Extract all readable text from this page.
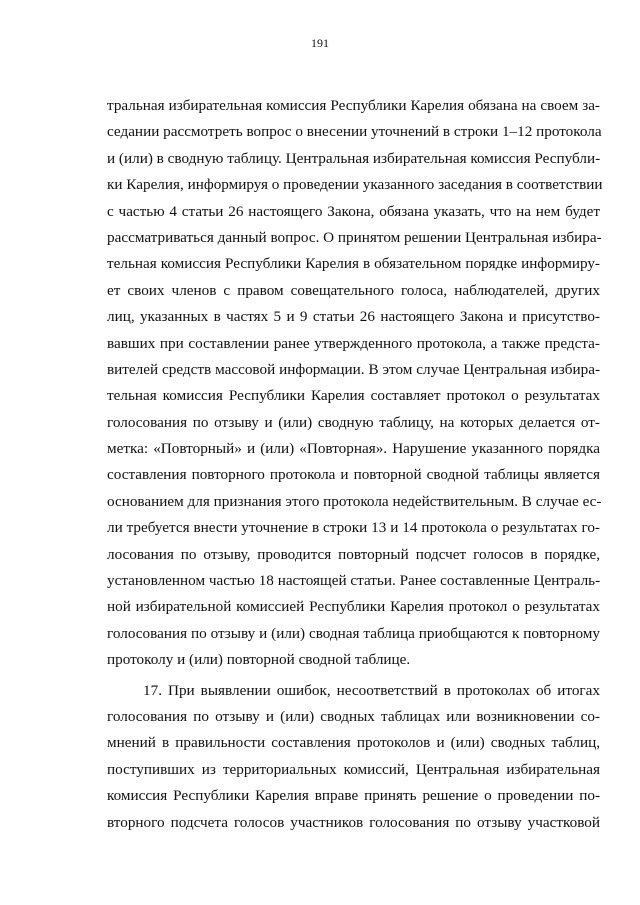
191
тральная избирательная комиссия Республики Карелия обязана на своем за-
седании рассмотреть вопрос о внесении уточнений в строки 1–12 протокола
и (или) в сводную таблицу. Центральная избирательная комиссия Республи-
ки Карелия, информируя о проведении указанного заседания в соответствии
с частью 4 статьи 26 настоящего Закона, обязана указать, что на нем будет
рассматриваться данный вопрос. О принятом решении Центральная избира-
тельная комиссия Республики Карелия в обязательном порядке информиру-
ет своих членов с правом совещательного голоса, наблюдателей, других
лиц, указанных в частях 5 и 9 статьи 26 настоящего Закона и присутство-
вавших при составлении ранее утвержденного протокола, а также предста-
вителей средств массовой информации. В этом случае Центральная избира-
тельная комиссия Республики Карелия составляет протокол о результатах
голосования по отзыву и (или) сводную таблицу, на которых делается от-
метка: «Повторный» и (или) «Повторная». Нарушение указанного порядка
составления повторного протокола и повторной сводной таблицы является
основанием для признания этого протокола недействительным. В случае ес-
ли требуется внести уточнение в строки 13 и 14 протокола о результатах го-
лосования по отзыву, проводится повторный подсчет голосов в порядке,
установленном частью 18 настоящей статьи. Ранее составленные Централь-
ной избирательной комиссией Республики Карелия протокол о результатах
голосования по отзыву и (или) сводная таблица приобщаются к повторному
протоколу и (или) повторной сводной таблице.
17. При выявлении ошибок, несоответствий в протоколах об итогах
голосования по отзыву и (или) сводных таблицах или возникновении со-
мнений в правильности составления протоколов и (или) сводных таблиц,
поступивших из территориальных комиссий, Центральная избирательная
комиссия Республики Карелия вправе принять решение о проведении по-
вторного подсчета голосов участников голосования по отзыву участковой
